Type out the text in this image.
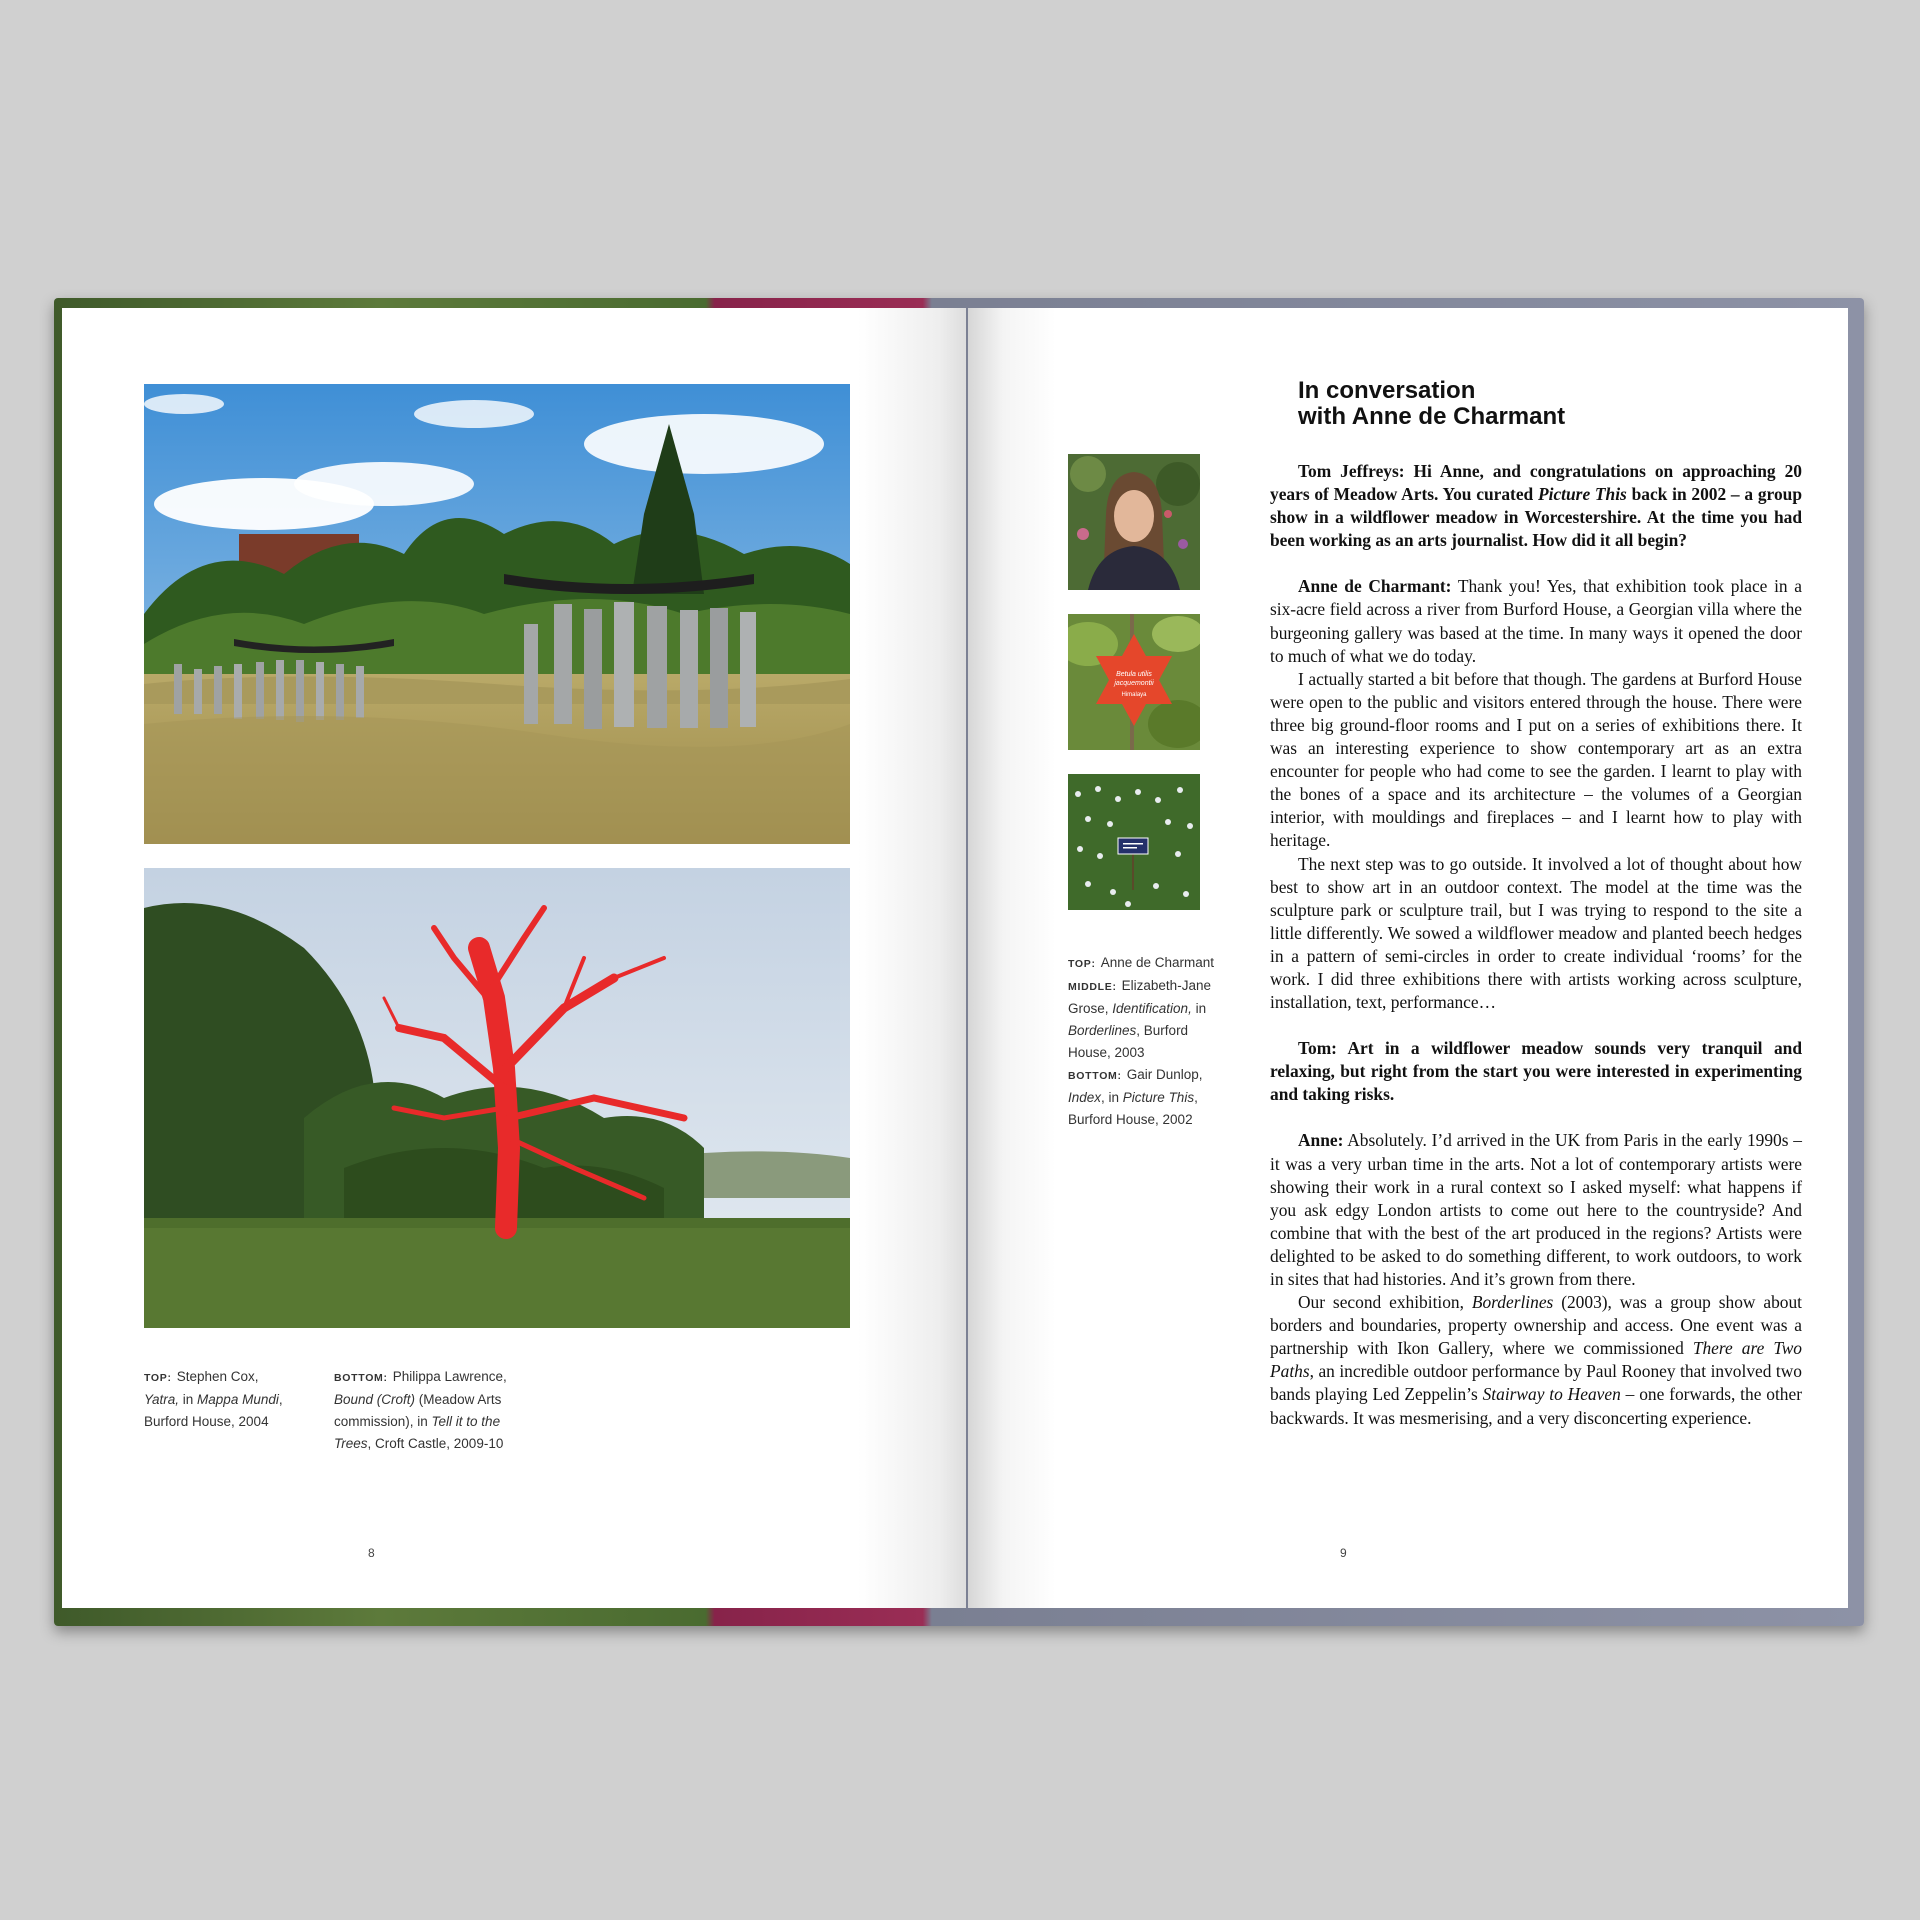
TOP: Stephen Cox, Yatra, in Mappa Mundi, Burford House, 2004
BOTTOM: Philippa Lawrence, Bound (Croft) (Meadow Arts commission), in Tell it to the Trees, Croft Castle, 2009-10
8
In conversation
with Anne de Charmant
Betula utilis
jacquemontii
Himalaya
TOP: Anne de Charmant
MIDDLE: Elizabeth-Jane Grose, Identification, in Borderlines, Burford House, 2003
BOTTOM: Gair Dunlop, Index, in Picture This, Burford House, 2002

Tom Jeffreys: Hi Anne, and congratulations on approaching 20 years of Meadow Arts. You curated Picture This back in 2002 – a group show in a wildflower meadow in Worcestershire. At the time you had been working as an arts journalist. How did it all begin?

Anne de Charmant: Thank you! Yes, that exhibition took place in a six-acre field across a river from Burford House, a Georgian villa where the burgeoning gallery was based at the time. In many ways it opened the door to much of what we do today.

I actually started a bit before that though. The gardens at Burford House were open to the public and visitors entered through the house. There were three big ground-floor rooms and I put on a series of exhibitions there. It was an interesting experience to show contemporary art as an extra encounter for people who had come to see the garden. I learnt to play with the bones of a space and its architecture – the volumes of a Georgian interior, with mouldings and fireplaces – and I learnt how to play with heritage.

The next step was to go outside. It involved a lot of thought about how best to show art in an outdoor context. The model at the time was the sculpture park or sculpture trail, but I was trying to respond to the site a little differently. We sowed a wildflower meadow and planted beech hedges in a pattern of semi-circles in order to create individual ‘rooms’ for the work. I did three exhibitions there with artists working across sculpture, installation, text, performance…

Tom: Art in a wildflower meadow sounds very tranquil and relaxing, but right from the start you were interested in experimenting and taking risks.

Anne: Absolutely. I’d arrived in the UK from Paris in the early 1990s – it was a very urban time in the arts. Not a lot of contemporary artists were showing their work in a rural context so I asked myself: what happens if you ask edgy London artists to come out here to the countryside? And combine that with the best of the art produced in the regions? Artists were delighted to be asked to do something different, to work outdoors, to work in sites that had histories. And it’s grown from there.

Our second exhibition, Borderlines (2003), was a group show about borders and boundaries, property ownership and access. One event was a partnership with Ikon Gallery, where we commissioned There are Two Paths, an incredible outdoor performance by Paul Rooney that involved two bands playing Led Zeppelin’s Stairway to Heaven – one forwards, the other backwards. It was mesmerising, and a very disconcerting experience.

9
